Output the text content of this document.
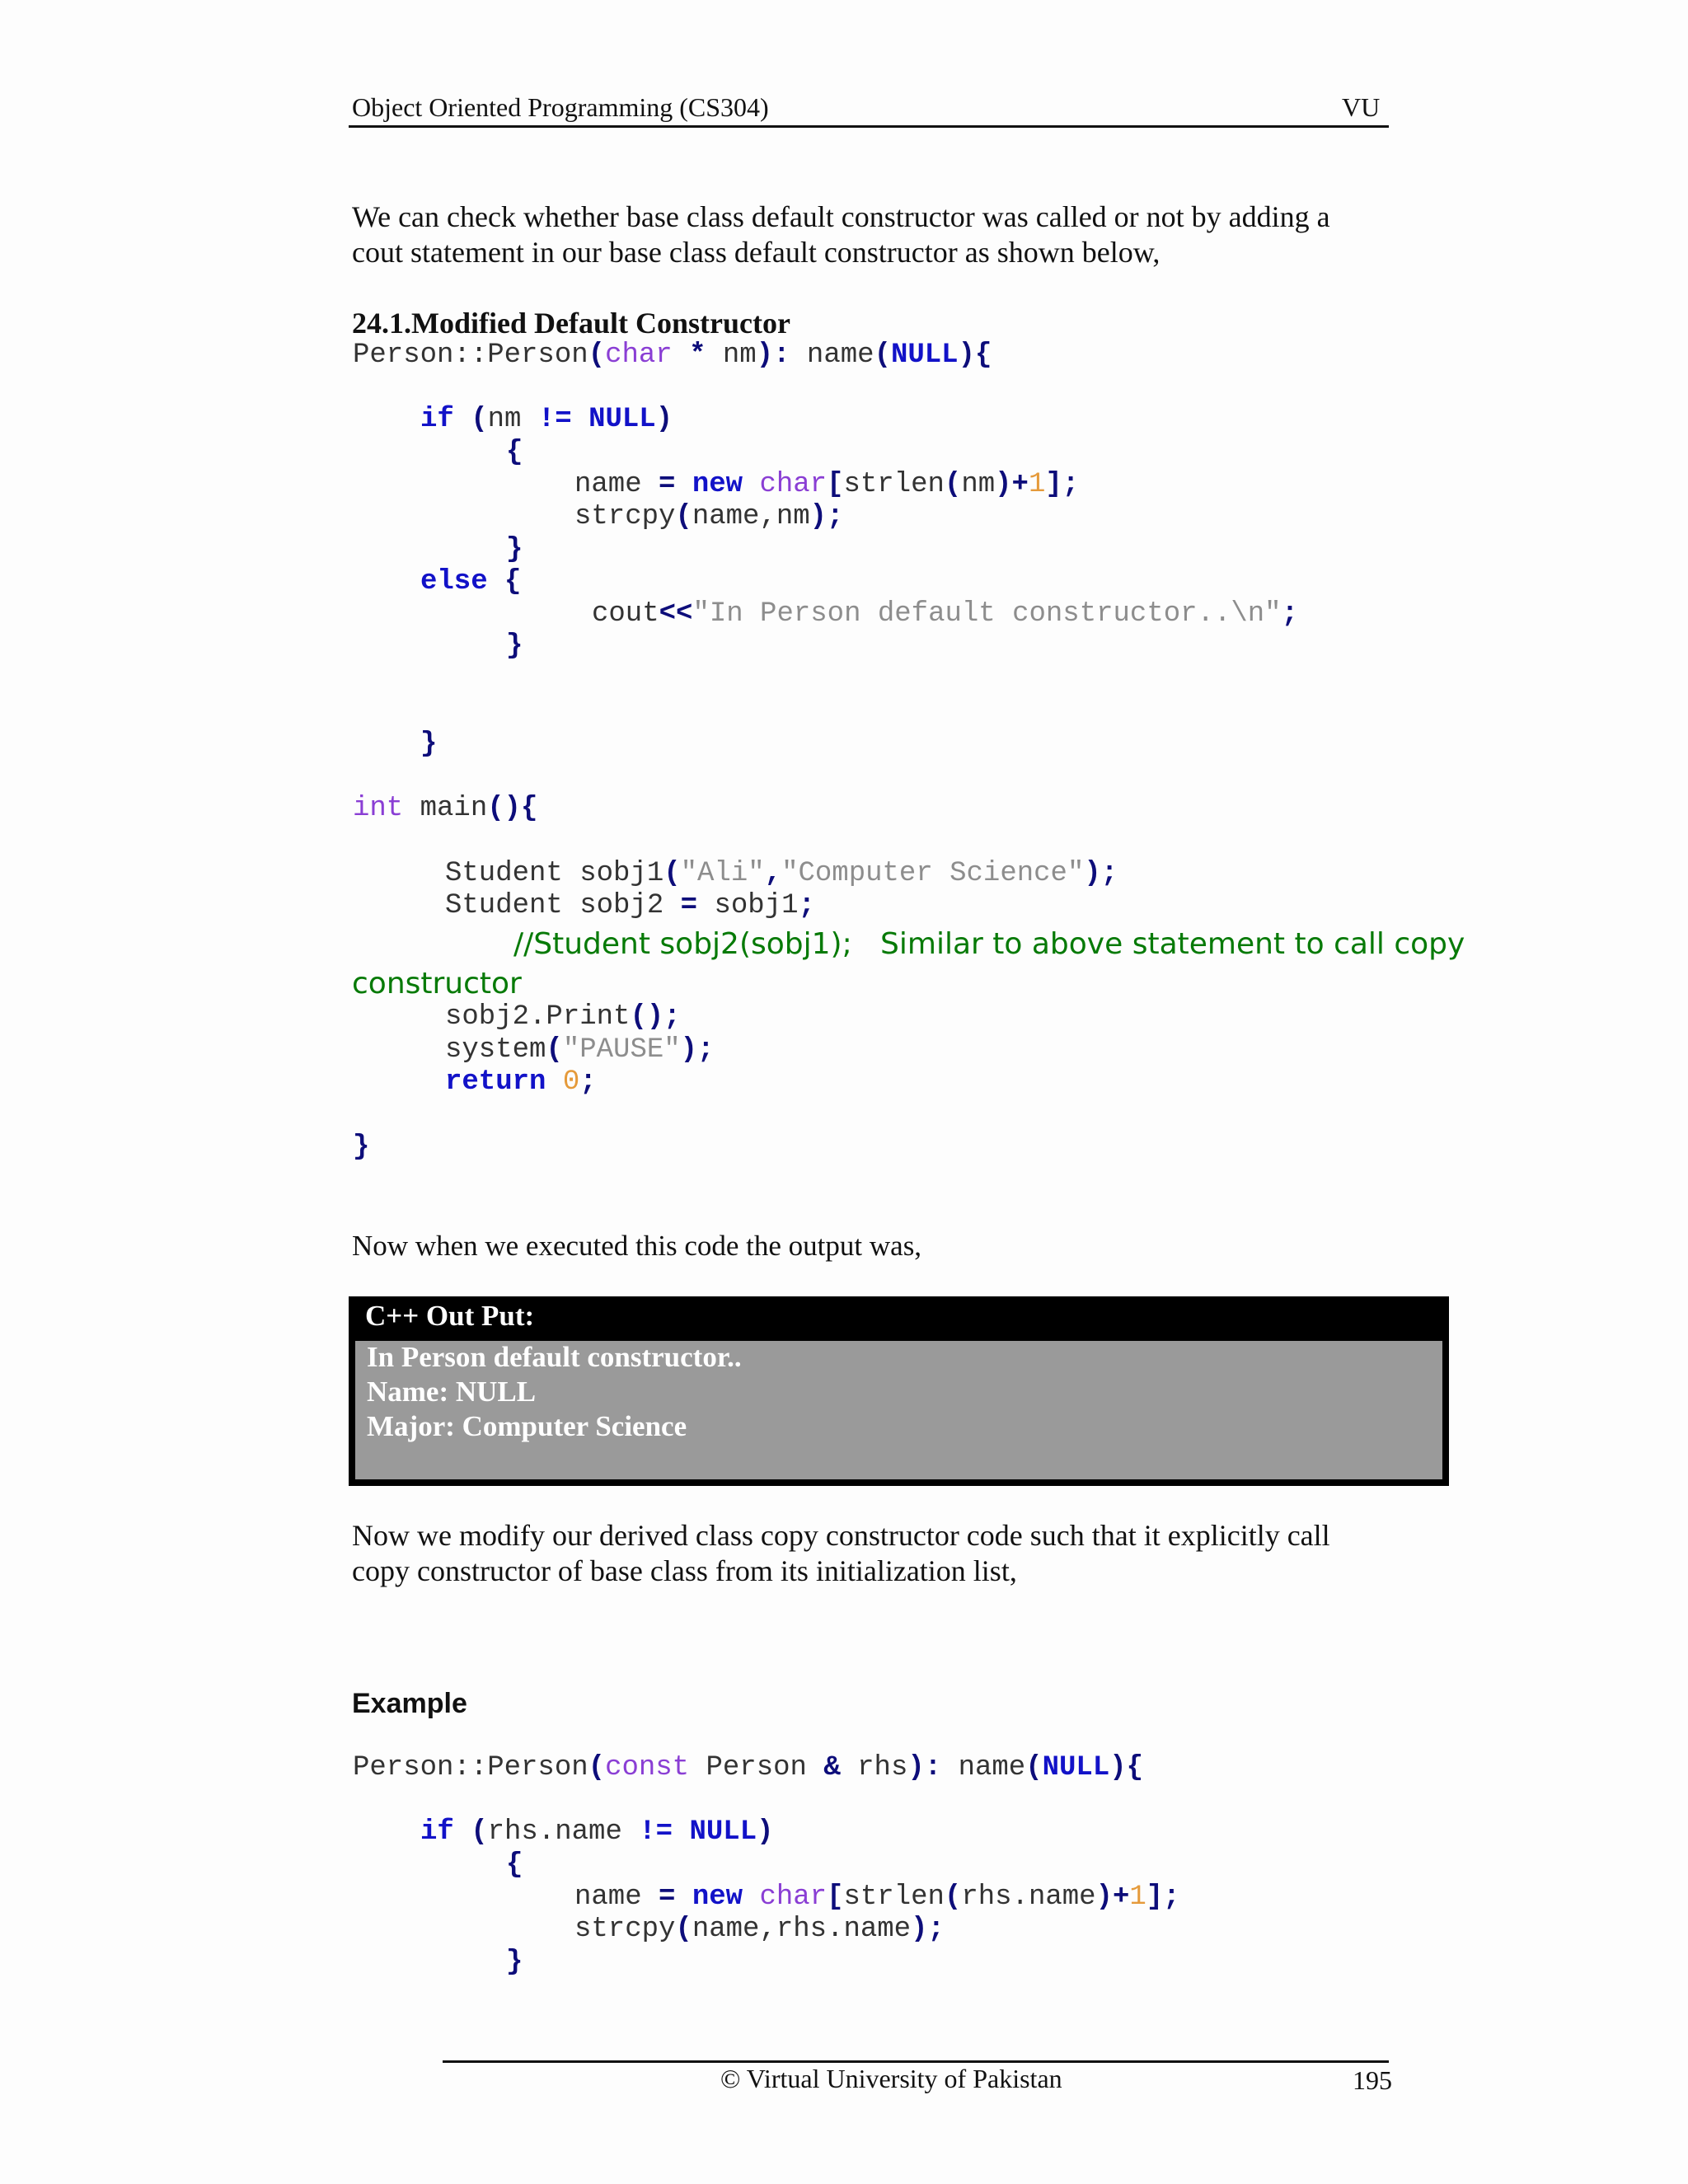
Object Oriented Programming (CS304)	VU
We can check whether base class default constructor was called or not by adding a
cout statement in our base class default constructor as shown below,
24.1.Modified Default Constructor
Person::Person(char * nm): name(NULL){
if (nm != NULL)
{
name = new char[strlen(nm)+1];
strcpy(name,nm);
}
else {
cout<<"In Person default constructor..\n";
}
}
int main(){
Student sobj1("Ali","Computer Science");
Student sobj2 = sobj1;
//Student sobj2(sobj1);   Similar to above statement to call copy
constructor
sobj2.Print();
system("PAUSE");
return 0;
}
Now when we executed this code the output was,
C++ Out Put:
In Person default constructor..
Name: NULL
Major: Computer Science
Now we modify our derived class copy constructor code such that it explicitly call
copy constructor of base class from its initialization list,
Example
Person::Person(const Person & rhs): name(NULL){
if (rhs.name != NULL)
{
name = new char[strlen(rhs.name)+1];
strcpy(name,rhs.name);
}
© Virtual University of Pakistan	195
